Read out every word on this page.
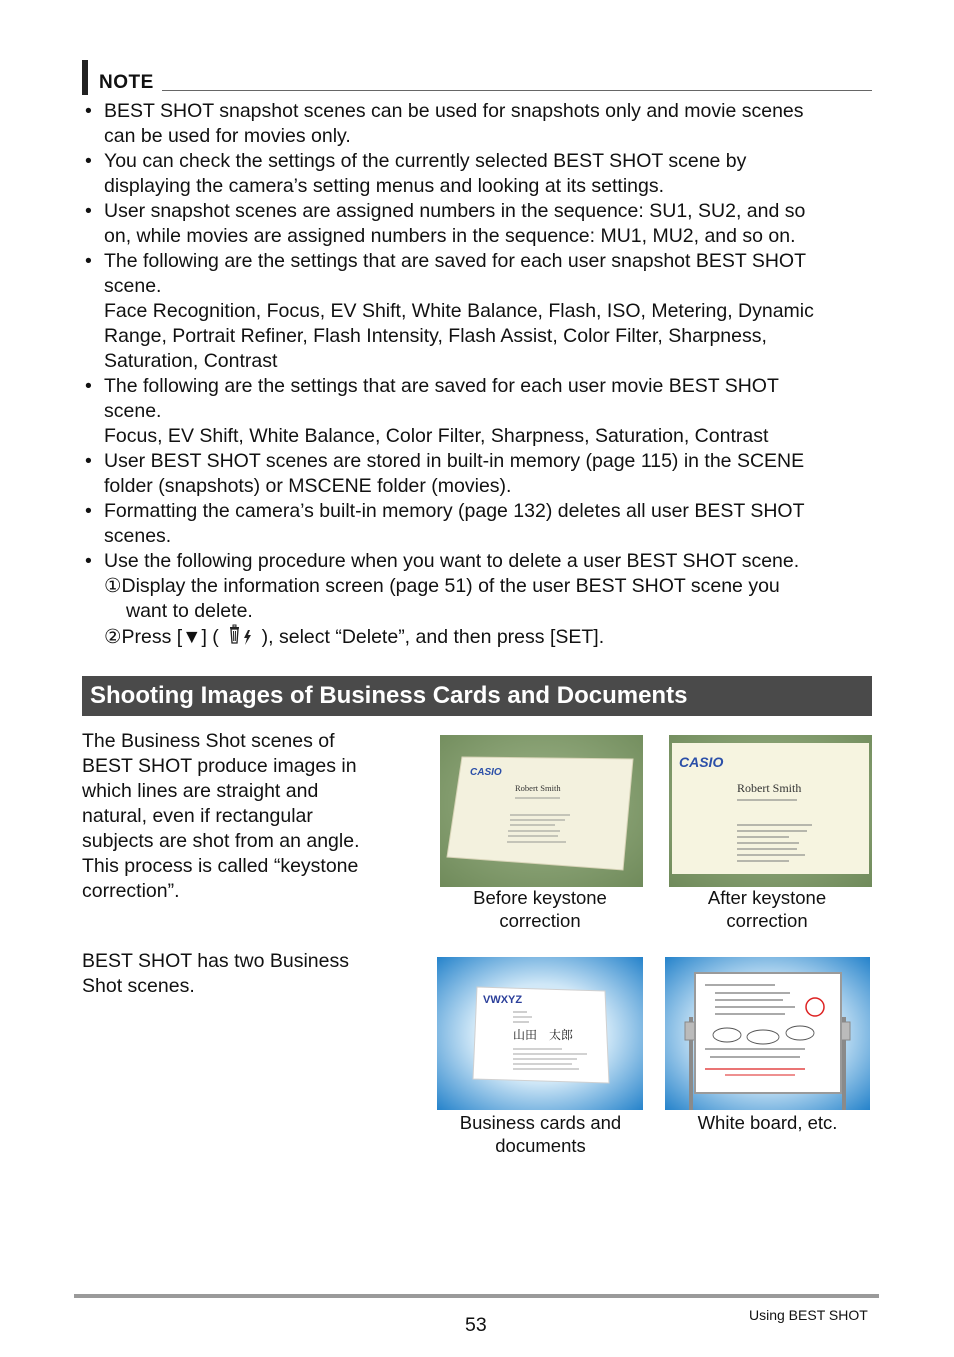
NOTE
• BEST SHOT snapshot scenes can be used for snapshots only and movie scenes
can be used for movies only.
• You can check the settings of the currently selected BEST SHOT scene by
displaying the camera’s setting menus and looking at its settings.
• User snapshot scenes are assigned numbers in the sequence: SU1, SU2, and so
on, while movies are assigned numbers in the sequence: MU1, MU2, and so on.
• The following are the settings that are saved for each user snapshot BEST SHOT
scene.
Face Recognition, Focus, EV Shift, White Balance, Flash, ISO, Metering, Dynamic
Range, Portrait Refiner, Flash Intensity, Flash Assist, Color Filter, Sharpness,
Saturation, Contrast
• The following are the settings that are saved for each user movie BEST SHOT
scene.
Focus, EV Shift, White Balance, Color Filter, Sharpness, Saturation, Contrast
• User BEST SHOT scenes are stored in built-in memory (page 115) in the SCENE
folder (snapshots) or MSCENE folder (movies).
• Formatting the camera’s built-in memory (page 132) deletes all user BEST SHOT
scenes.
• Use the following procedure when you want to delete a user BEST SHOT scene.
①Display the information screen (page 51) of the user BEST SHOT scene you
want to delete.
②Press [▼] ( ), select “Delete”, and then press [SET].
Shooting Images of Business Cards and Documents
The Business Shot scenes of
BEST SHOT produce images in
which lines are straight and
natural, even if rectangular
subjects are shot from an angle.
This process is called “keystone
correction”.
BEST SHOT has two Business
Shot scenes.
CASIO
Robert Smith
Before keystone
correction
CASIO
Robert Smith
After keystone
correction
VWXYZ
山田　太郎
Business cards and
documents
White board, etc.
53	Using BEST SHOT
